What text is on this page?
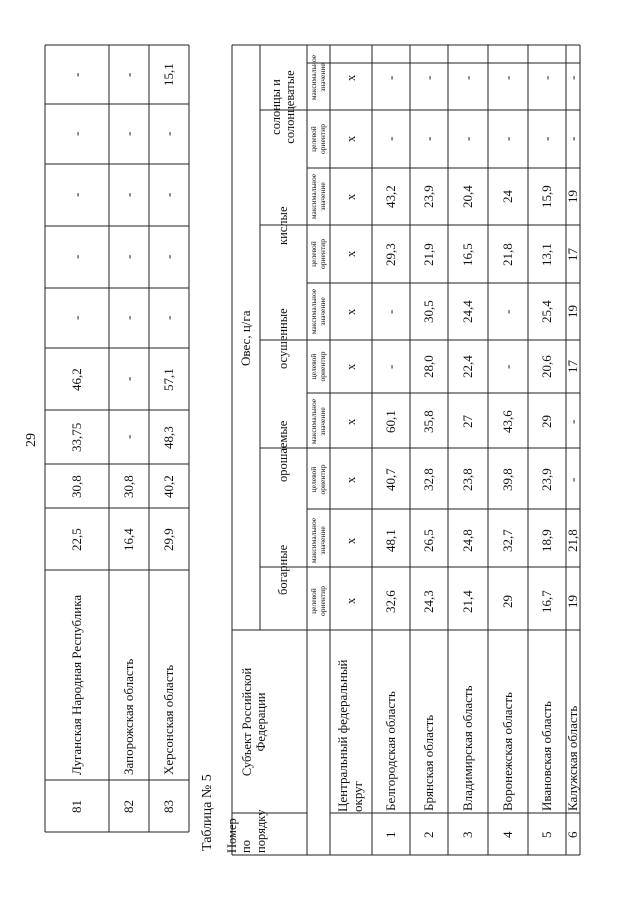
29
81
Луганская Народная Республика
22,5
30,8
33,75
46,2
-
-
-
-
-
82
Запорожская область
16,4
30,8
-
-
-
-
-
-
-
83
Херсонская область
29,9
40,2
48,3
57,1
-
-
-
-
15,1
Таблица № 5 Номер по порядку
Субъект Российской Федерации
Овес, ц/га
богарные
орошаемые
осушенные
кислые
солонцы и солонцеватые
целевой ориентир
максимальное значение
целевой ориентир
максимальное значение
целевой ориентир
максимальное значение
целевой ориентир
максимальное значение
целевой ориентир
максимальное значение
Центральный федеральный округ
x
x
x
x
x
x
x
x
x
x
1
Белгородская область
32,6
48,1
40,7
60,1
-
-
29,3
43,2
-
-
2
Брянская область
24,3
26,5
32,8
35,8
28,0
30,5
21,9
23,9
-
-
3
Владимирская область
21,4
24,8
23,8
27
22,4
24,4
16,5
20,4
-
-
4
Воронежская область
29
32,7
39,8
43,6
-
-
21,8
24
-
-
5
Ивановская область
16,7
18,9
23,9
29
20,6
25,4
13,1
15,9
-
-
6
Калужская область
19
21,8
-
-
17
19
17
19
-
-
